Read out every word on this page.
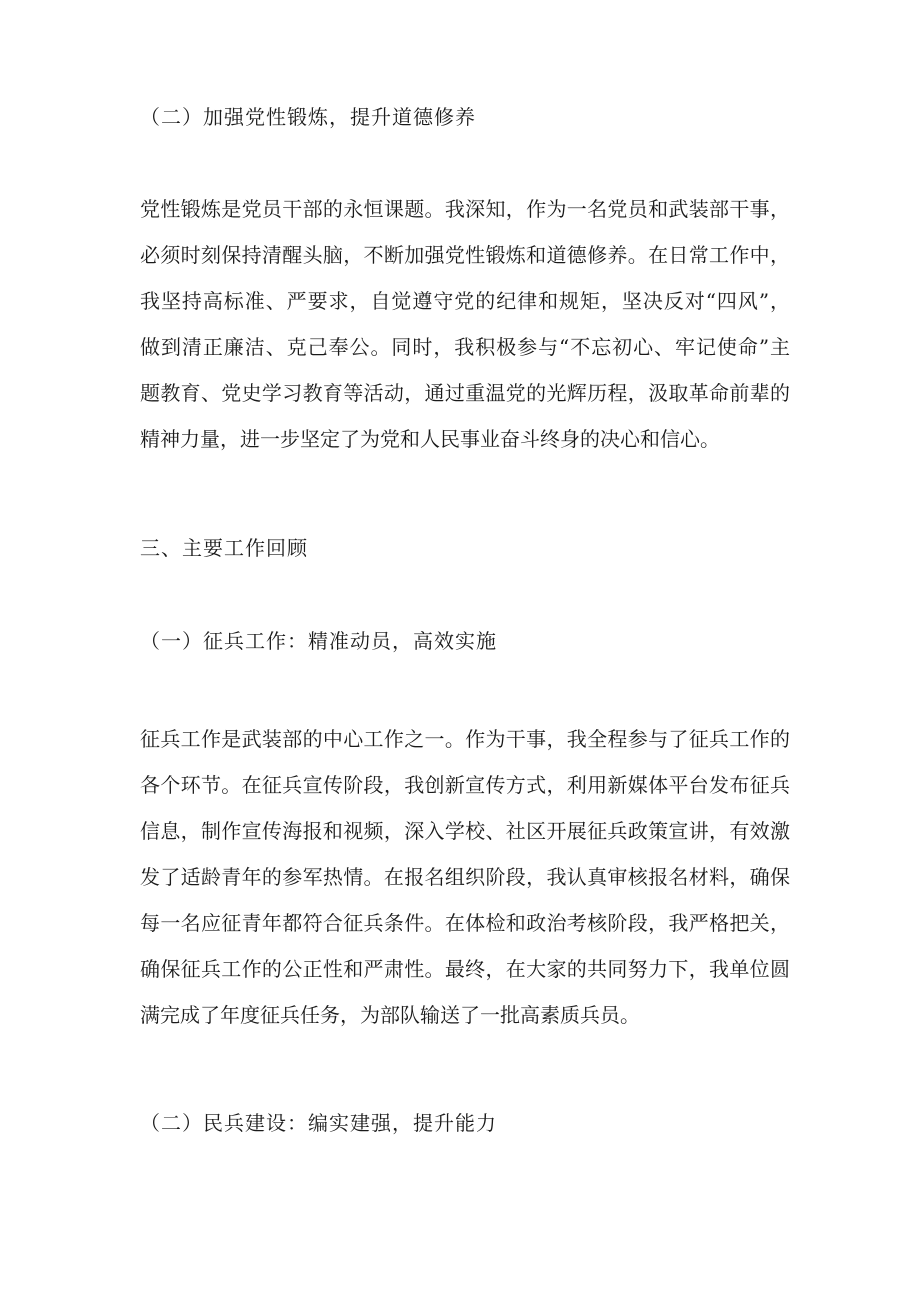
（二）加强党性锻炼，提升道德修养
党性锻炼是党员干部的永恒课题。我深知，作为一名党员和武装部干事，
必须时刻保持清醒头脑，不断加强党性锻炼和道德修养。在日常工作中，
我坚持高标准、严要求，自觉遵守党的纪律和规矩，坚决反对“四风”，
做到清正廉洁、克己奉公。同时，我积极参与“不忘初心、牢记使命”主
题教育、党史学习教育等活动，通过重温党的光辉历程，汲取革命前辈的
精神力量，进一步坚定了为党和人民事业奋斗终身的决心和信心。
三、主要工作回顾
（一）征兵工作：精准动员，高效实施
征兵工作是武装部的中心工作之一。作为干事，我全程参与了征兵工作的
各个环节。在征兵宣传阶段，我创新宣传方式，利用新媒体平台发布征兵
信息，制作宣传海报和视频，深入学校、社区开展征兵政策宣讲，有效激
发了适龄青年的参军热情。在报名组织阶段，我认真审核报名材料，确保
每一名应征青年都符合征兵条件。在体检和政治考核阶段，我严格把关，
确保征兵工作的公正性和严肃性。最终，在大家的共同努力下，我单位圆
满完成了年度征兵任务，为部队输送了一批高素质兵员。
（二）民兵建设：编实建强，提升能力
